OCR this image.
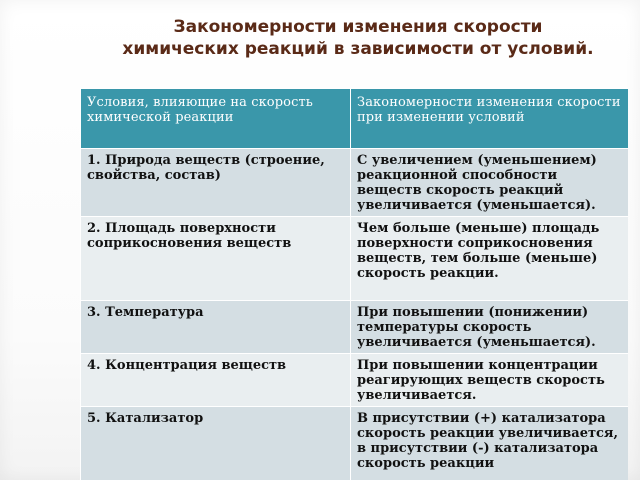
Закономерности изменения скорости химических реакций в зависимости от условий.
Условия, влияющие на скорость химической реакции	Закономерности изменения скорости при изменении условий
1. Природа веществ (строение, свойства, состав)	С увеличением (уменьшением) реакционной способности веществ скорость реакций увеличивается (уменьшается).
2. Площадь поверхности соприкосновения веществ	Чем больше (меньше) площадь поверхности соприкосновения веществ, тем больше (меньше) скорость реакции.
3. Температура	При повышении (понижении) температуры скорость увеличивается (уменьшается).
4. Концентрация веществ	При повышении концентрации реагирующих веществ скорость увеличивается.
5. Катализатор	В присутствии (+) катализатора скорость реакции увеличивается, в присутствии (-) катализатора скорость реакции
